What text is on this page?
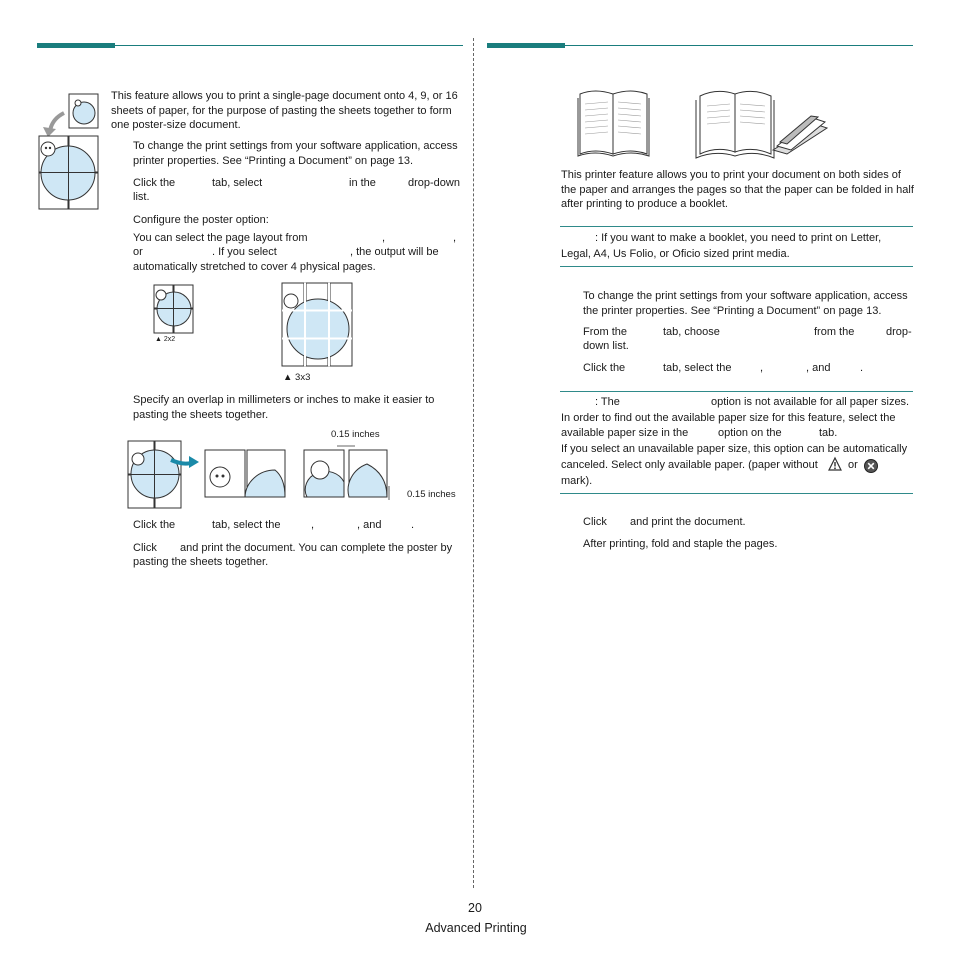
This feature allows you to print a single-page document onto 4, 9, or 16 sheets of paper, for the purpose of pasting the sheets together to form one poster-size document.
To change the print settings from your software application, access printer properties. See “Printing a Document” on page 13.
Click the	tab, select	in the	drop-down
list.
Configure the poster option:
You can select the page layout from	,	,
or	. If you select	, the output will be
automatically stretched to cover 4 physical pages.
▲ 2x2
▲ 3x3
Specify an overlap in millimeters or inches to make it easier to pasting the sheets together.
0.15 inches
0.15 inches
Click the	tab, select the	,	, and	.
Click and print the document. You can complete the poster by
pasting the sheets together.
This printer feature allows you to print your document on both sides of the paper and arranges the pages so that the paper can be folded in half after printing to produce a booklet.
: If you want to make a booklet, you need to print on Letter,
Legal, A4, Us Folio, or Oficio sized print media.
To change the print settings from your software application, access the printer properties. See “Printing a Document” on page 13.
From the	tab, choose	from the	drop-
down list.
Click the	tab, select the	,	, and	.
: The	option is not available for all paper sizes.
In order to find out the available paper size for this feature, select the
available paper size in the	option on the	tab.
If you select an unavailable paper size, this option can be automatically
canceled. Select only available paper. (paper without	or
mark).
Click and print the document.
After printing, fold and staple the pages.
20
Advanced Printing
